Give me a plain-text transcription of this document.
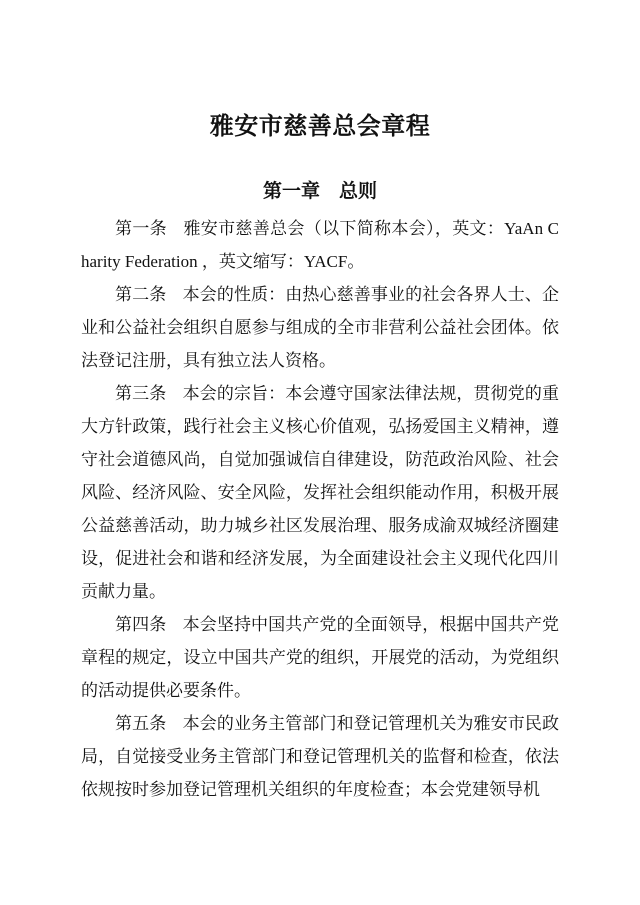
雅安市慈善总会章程
第一章 总则

第一条 雅安市慈善总会（以下简称本会），英文：YaAn Charity Federation ，英文缩写：YACF。

第二条 本会的性质：由热心慈善事业的社会各界人士、企业和公益社会组织自愿参与组成的全市非营利公益社会团体。依法登记注册，具有独立法人资格。

第三条 本会的宗旨：本会遵守国家法律法规，贯彻党的重大方针政策，践行社会主义核心价值观，弘扬爱国主义精神，遵守社会道德风尚，自觉加强诚信自律建设，防范政治风险、社会风险、经济风险、安全风险，发挥社会组织能动作用，积极开展公益慈善活动，助力城乡社区发展治理、服务成渝双城经济圈建设，促进社会和谐和经济发展，为全面建设社会主义现代化四川贡献力量。

第四条 本会坚持中国共产党的全面领导，根据中国共产党章程的规定，设立中国共产党的组织，开展党的活动，为党组织的活动提供必要条件。

第五条 本会的业务主管部门和登记管理机关为雅安市民政局，自觉接受业务主管部门和登记管理机关的监督和检查，依法依规按时参加登记管理机关组织的年度检查；本会党建领导机
